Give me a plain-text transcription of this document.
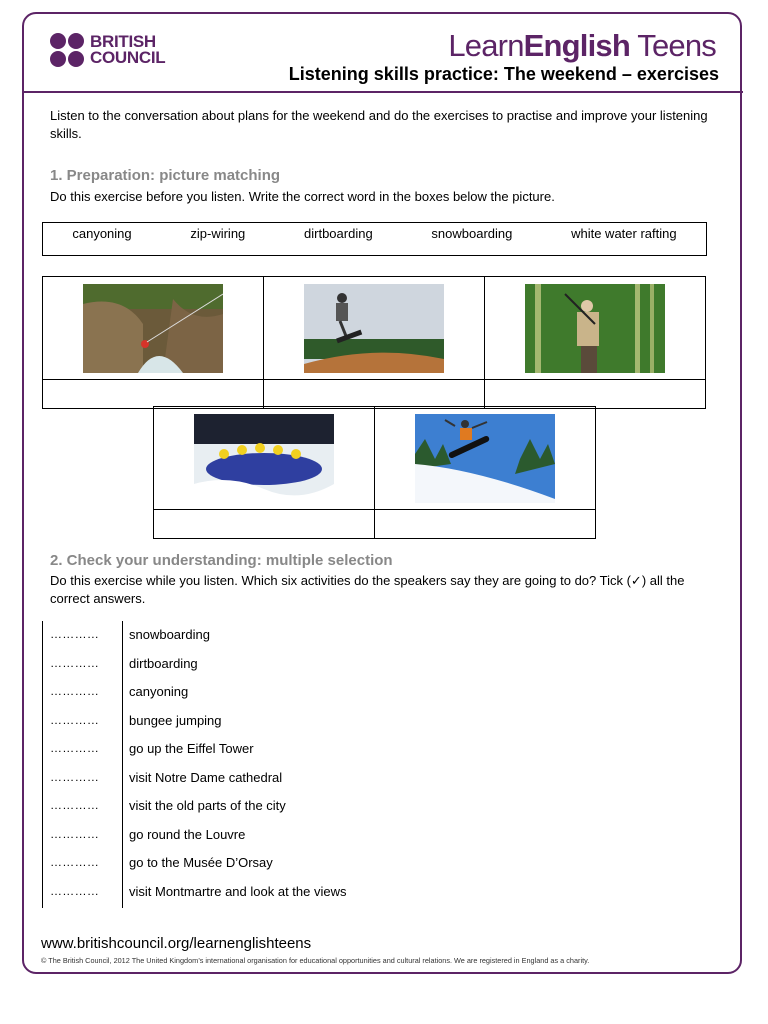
BRITISH
COUNCIL	LearnEnglish Teens
Listening skills practice: The weekend – exercises
Listen to the conversation about plans for the weekend and do the exercises to practise and improve your listening skills.
1. Preparation: picture matching
Do this exercise before you listen. Write the correct word in the boxes below the picture.
canyoning	zip-wiring	dirtboarding	snowboarding	white water rafting
2. Check your understanding: multiple selection
Do this exercise while you listen. Which six activities do the speakers say they are going to do? Tick (✓) all the correct answers.
………… snowboarding
………… dirtboarding
………… canyoning
………… bungee jumping
………… go up the Eiffel Tower
………… visit Notre Dame cathedral
………… visit the old parts of the city
………… go round the Louvre
………… go to the Musée D’Orsay
………… visit Montmartre and look at the views
www.britishcouncil.org/learnenglishteens
© The British Council, 2012 The United Kingdom’s international organisation for educational opportunities and cultural relations. We are registered in England as a charity.
